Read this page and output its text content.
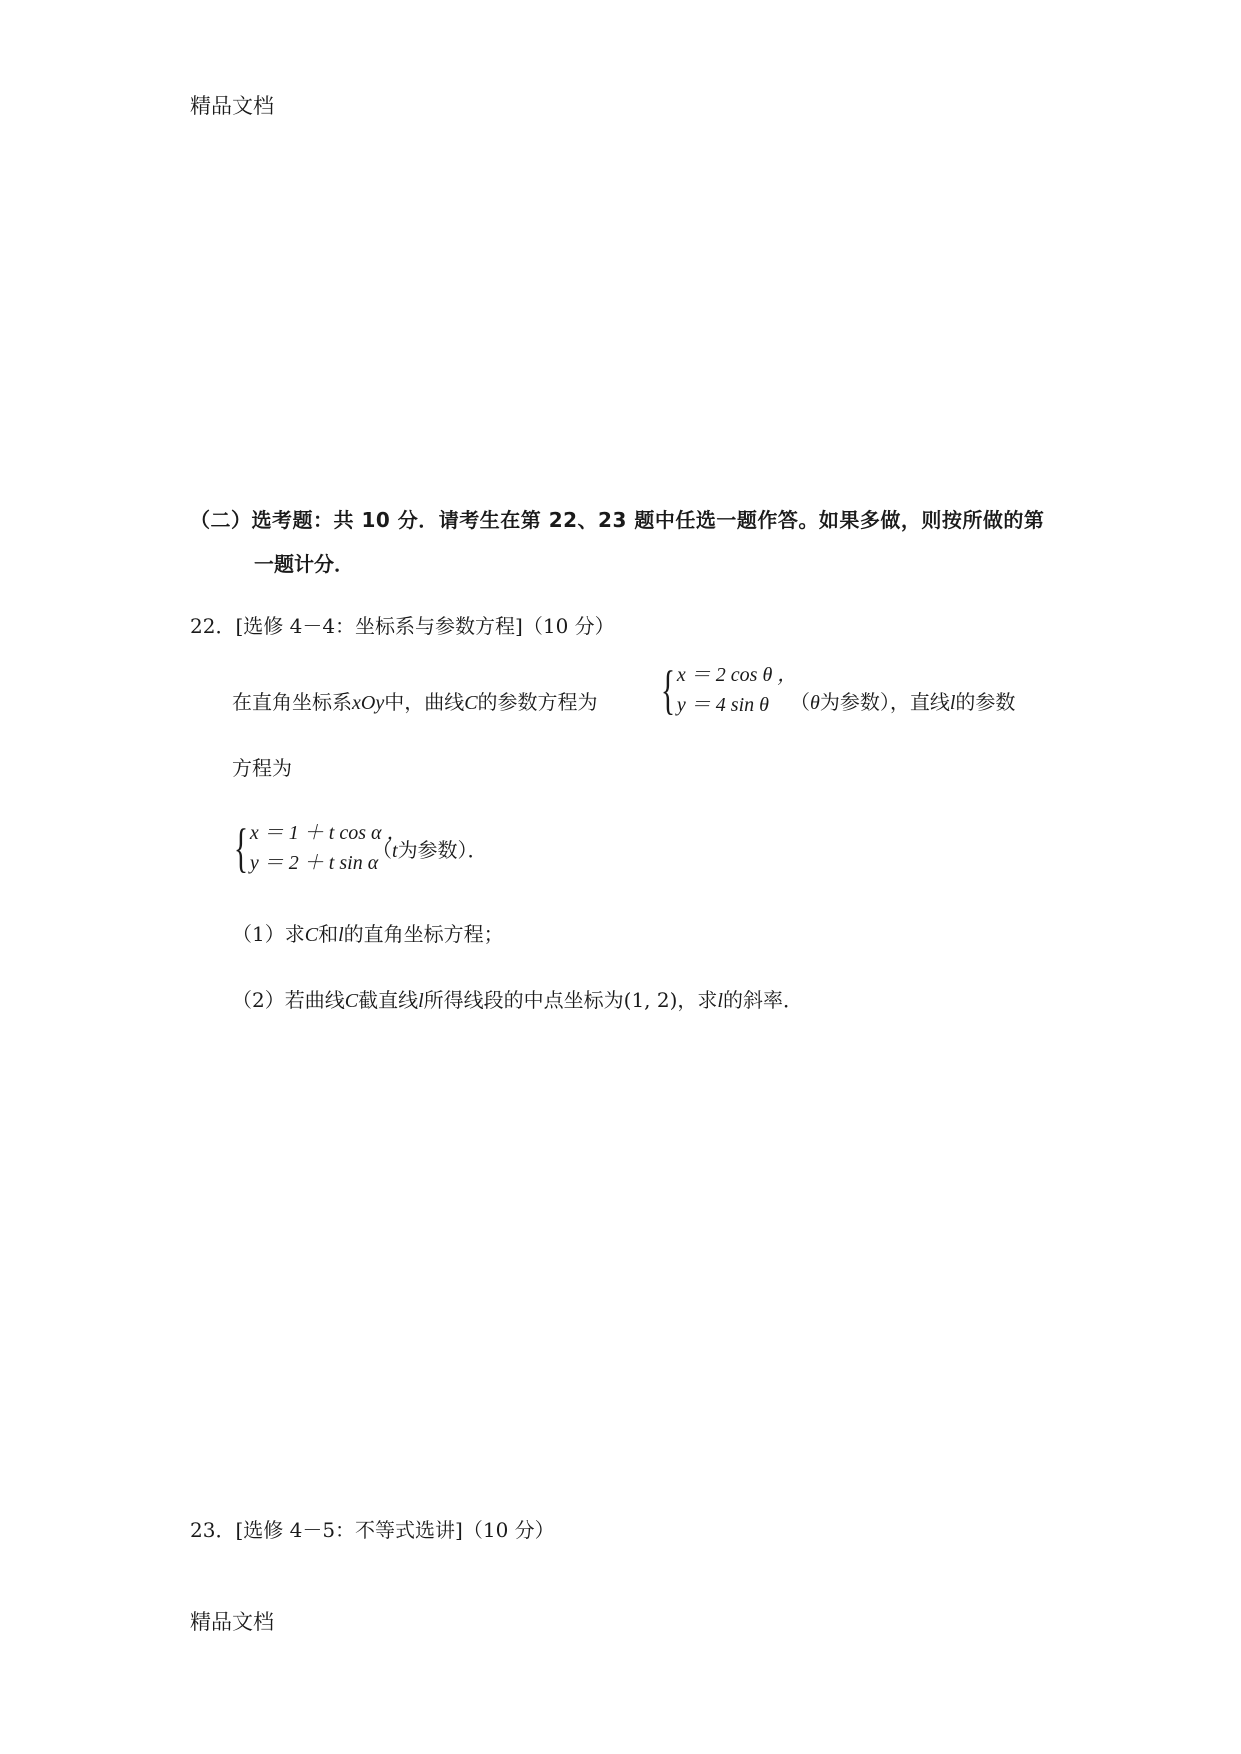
精品文档
（二）选考题：共 10 分．请考生在第 22、23 题中任选一题作答。如果多做，则按所做的第
一题计分．
22．[选修 4－4：坐标系与参数方程]（10 分）
在直角坐标系xOy中，曲线C的参数方程为 { x ＝ 2 cos θ ，
y ＝ 4 sin θ	（θ为参数），直线l的参数
方程为
{ x ＝ 1 ＋ t cos α ，
y ＝ 2 ＋ t sin α
（t为参数）．
（1）求C和l的直角坐标方程；
（2）若曲线C截直线l所得线段的中点坐标为(1, 2)，求l的斜率．
23．[选修 4－5：不等式选讲]（10 分）
精品文档
